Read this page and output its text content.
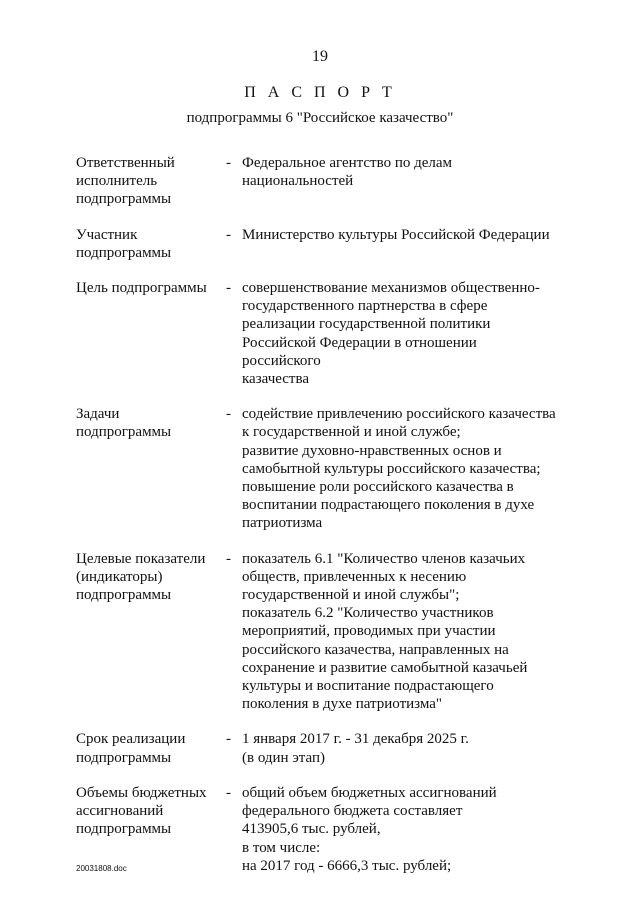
19
П А С П О Р Т
подпрограммы 6 "Российское казачество"
Ответственный
исполнитель
подпрограммы
- Федеральное агентство по делам
национальностей
Участник
подпрограммы
- Министерство культуры Российской Федерации
Цель подпрограммы	- совершенствование механизмов общественно-
государственного партнерства в сфере
реализации государственной политики
Российской Федерации в отношении российского
казачества
Задачи
подпрограммы
- содействие привлечению российского казачества
к государственной и иной службе;
развитие духовно-нравственных основ и
самобытной культуры российского казачества;
повышение роли российского казачества в
воспитании подрастающего поколения в духе
патриотизма
Целевые показатели
(индикаторы)
подпрограммы
- показатель 6.1 "Количество членов казачьих
обществ, привлеченных к несению
государственной и иной службы";
показатель 6.2 "Количество участников
мероприятий, проводимых при участии
российского казачества, направленных на
сохранение и развитие самобытной казачьей
культуры и воспитание подрастающего
поколения в духе патриотизма"
Срок реализации
подпрограммы
- 1 января 2017 г. - 31 декабря 2025 г.
(в один этап)
Объемы бюджетных
ассигнований
подпрограммы
- общий объем бюджетных ассигнований
федерального бюджета составляет
413905,6 тыс. рублей,
в том числе:
на 2017 год - 6666,3 тыс. рублей;
20031808.doc
